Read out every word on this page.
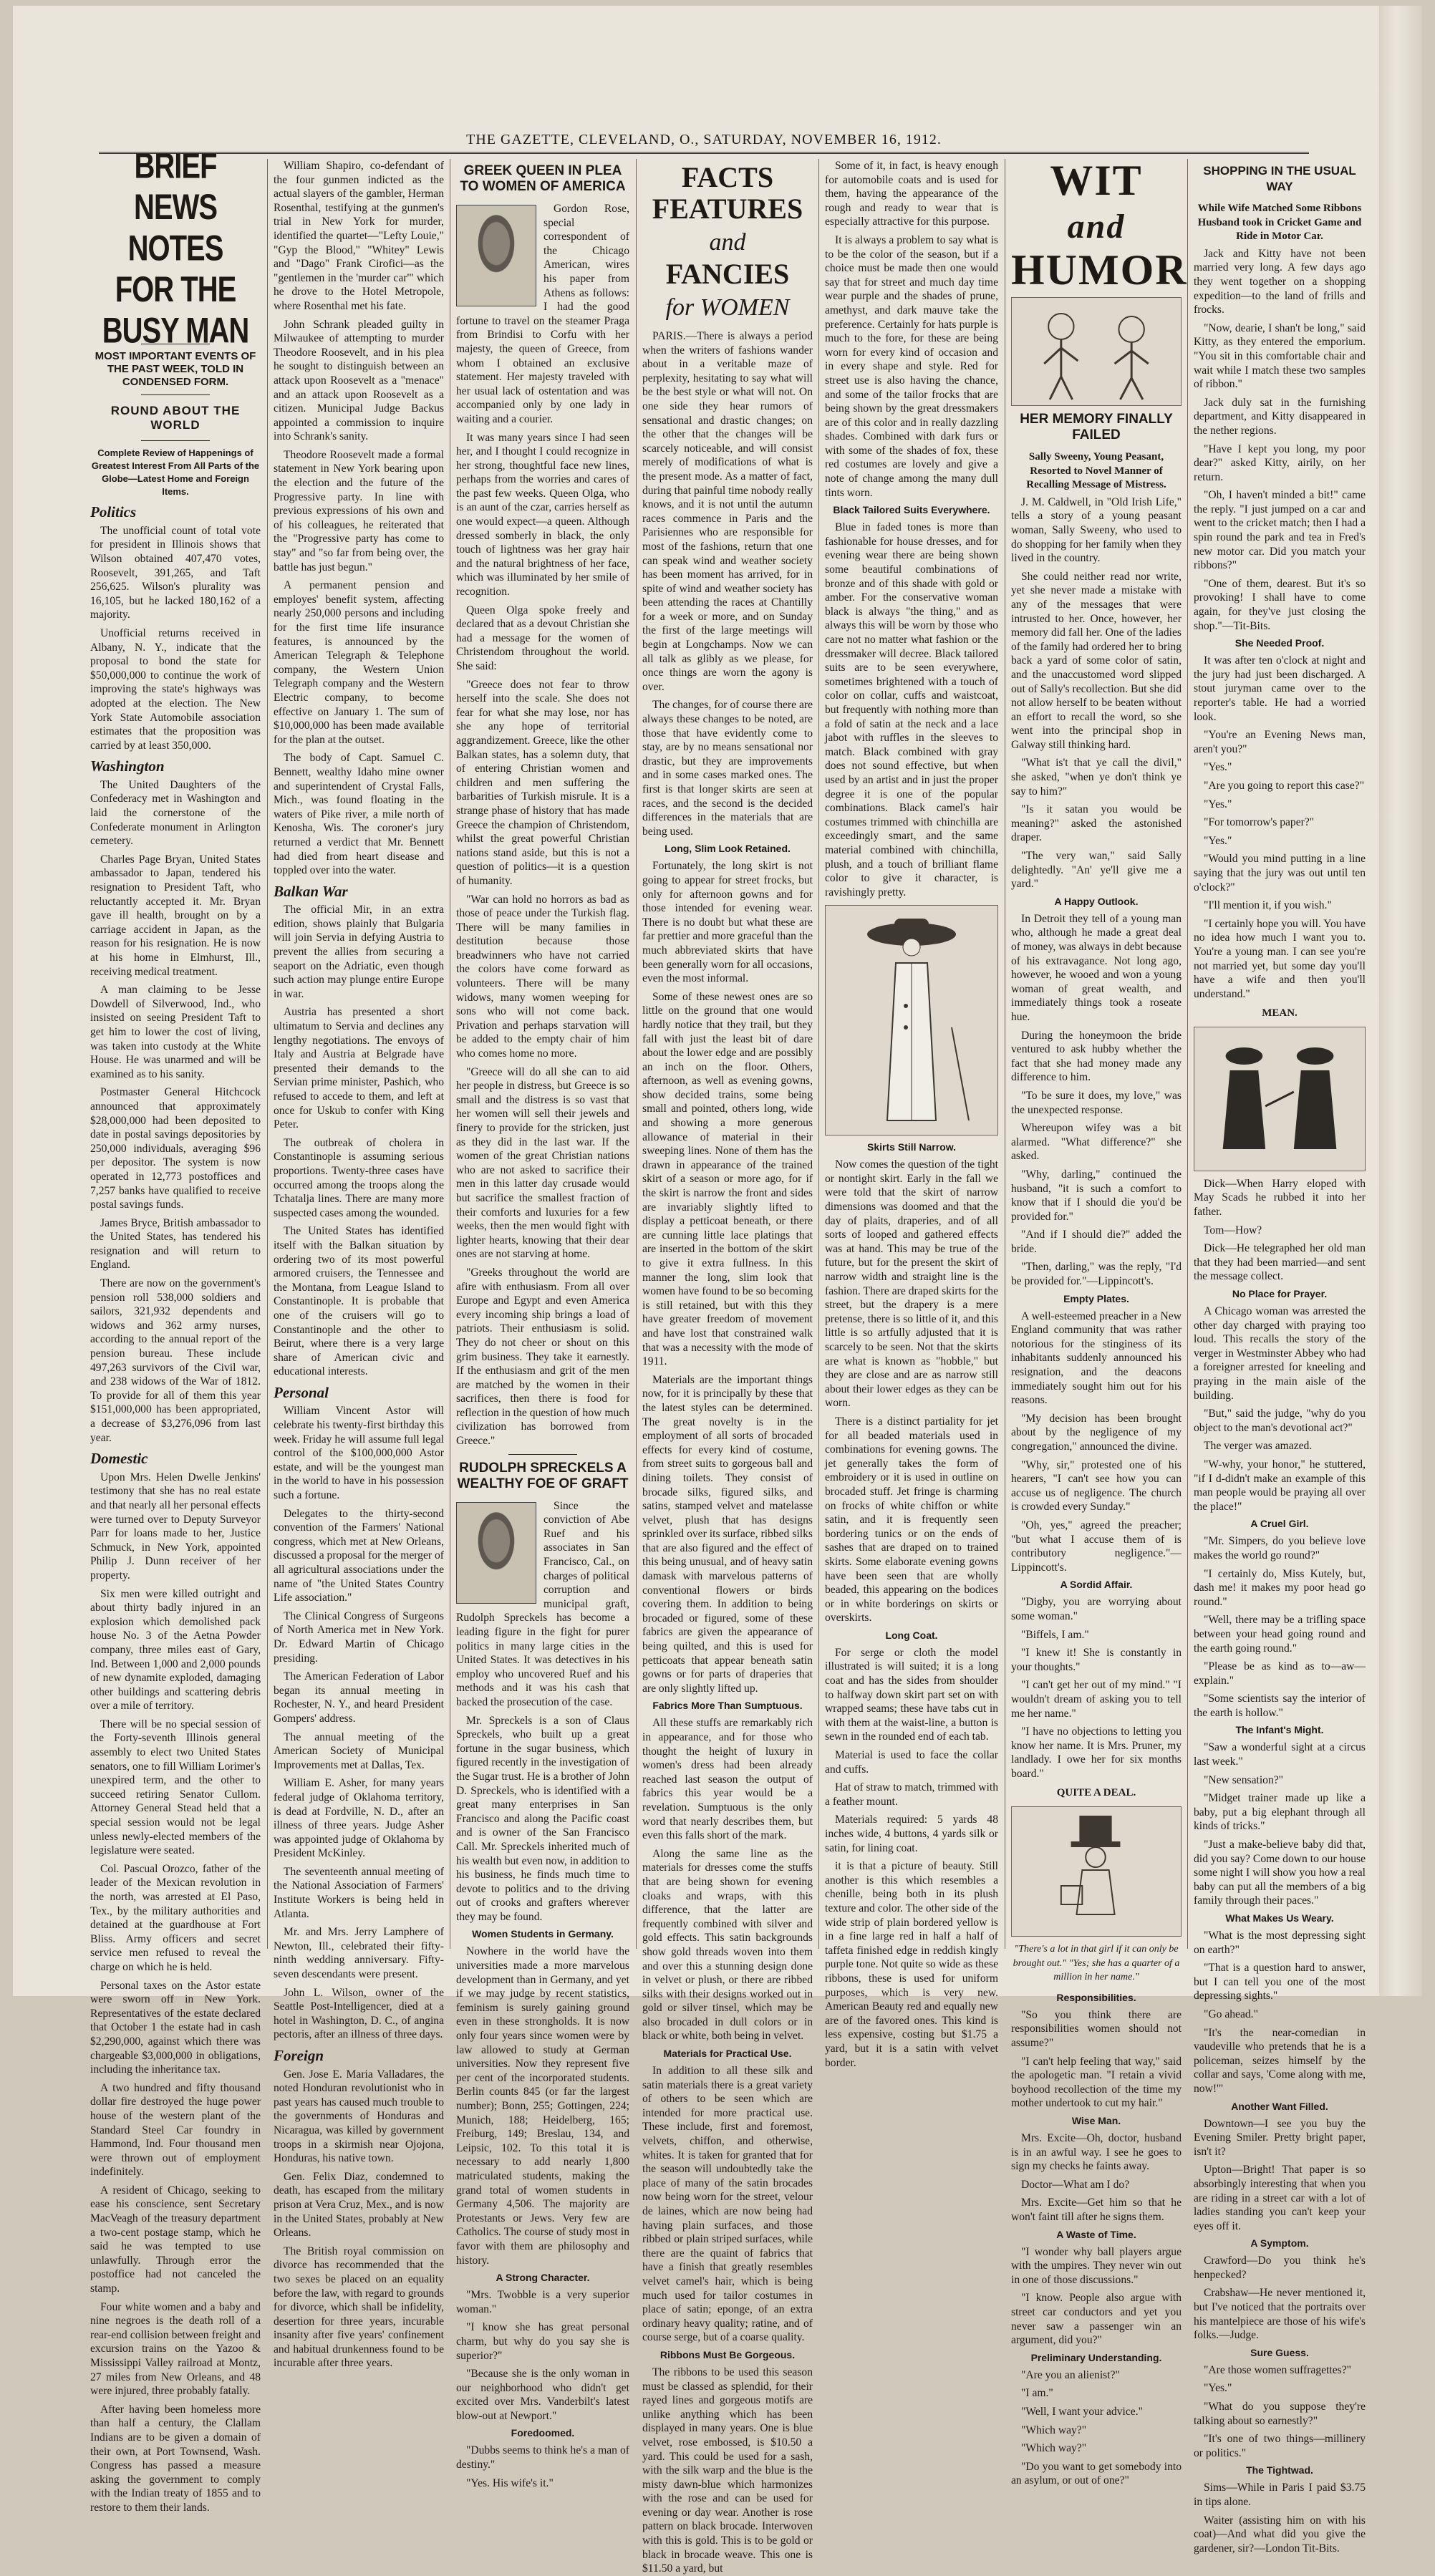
THE GAZETTE, CLEVELAND, O., SATURDAY, NOVEMBER 16, 1912.
BRIEF NEWS NOTES
FOR THE BUSY MAN
MOST IMPORTANT EVENTS OF THE PAST WEEK, TOLD IN CONDENSED FORM.
ROUND ABOUT THE WORLD
Complete Review of Happenings of Greatest Interest From All Parts of the Globe—Latest Home and Foreign Items.
Politics

The unofficial count of total vote for president in Illinois shows that Wilson obtained 407,470 votes, Roosevelt, 391,265, and Taft 256,625. Wilson's plurality was 16,105, but he lacked 180,162 of a majority.

Unofficial returns received in Albany, N. Y., indicate that the proposal to bond the state for $50,000,000 to continue the work of improving the state's highways was adopted at the election. The New York State Automobile association estimates that the proposition was carried by at least 350,000.

Washington

The United Daughters of the Confederacy met in Washington and laid the cornerstone of the Confederate monument in Arlington cemetery.

Charles Page Bryan, United States ambassador to Japan, tendered his resignation to President Taft, who reluctantly accepted it. Mr. Bryan gave ill health, brought on by a carriage accident in Japan, as the reason for his resignation. He is now at his home in Elmhurst, Ill., receiving medical treatment.

A man claiming to be Jesse Dowdell of Silverwood, Ind., who insisted on seeing President Taft to get him to lower the cost of living, was taken into custody at the White House. He was unarmed and will be examined as to his sanity.

Postmaster General Hitchcock announced that approximately $28,000,000 had been deposited to date in postal savings depositories by 250,000 individuals, averaging $96 per depositor. The system is now operated in 12,773 postoffices and 7,257 banks have qualified to receive postal savings funds.

James Bryce, British ambassador to the United States, has tendered his resignation and will return to England.

There are now on the government's pension roll 538,000 soldiers and sailors, 321,932 dependents and widows and 362 army nurses, according to the annual report of the pension bureau. These include 497,263 survivors of the Civil war, and 238 widows of the War of 1812. To provide for all of them this year $151,000,000 has been appropriated, a decrease of $3,276,096 from last year.

Domestic

Upon Mrs. Helen Dwelle Jenkins' testimony that she has no real estate and that nearly all her personal effects were turned over to Deputy Surveyor Parr for loans made to her, Justice Schmuck, in New York, appointed Philip J. Dunn receiver of her property.

Six men were killed outright and about thirty badly injured in an explosion which demolished pack house No. 3 of the Aetna Powder company, three miles east of Gary, Ind. Between 1,000 and 2,000 pounds of new dynamite exploded, damaging other buildings and scattering debris over a mile of territory.

There will be no special session of the Forty-seventh Illinois general assembly to elect two United States senators, one to fill William Lorimer's unexpired term, and the other to succeed retiring Senator Cullom. Attorney General Stead held that a special session would not be legal unless newly-elected members of the legislature were seated.

Col. Pascual Orozco, father of the leader of the Mexican revolution in the north, was arrested at El Paso, Tex., by the military authorities and detained at the guardhouse at Fort Bliss. Army officers and secret service men refused to reveal the charge on which he is held.

Personal taxes on the Astor estate were sworn off in New York. Representatives of the estate declared that October 1 the estate had in cash $2,290,000, against which there was chargeable $3,000,000 in obligations, including the inheritance tax.

A two hundred and fifty thousand dollar fire destroyed the huge power house of the western plant of the Standard Steel Car foundry in Hammond, Ind. Four thousand men were thrown out of employment indefinitely.

A resident of Chicago, seeking to ease his conscience, sent Secretary MacVeagh of the treasury department a two-cent postage stamp, which he said he was tempted to use unlawfully. Through error the postoffice had not canceled the stamp.

Four white women and a baby and nine negroes is the death roll of a rear-end collision between freight and excursion trains on the Yazoo & Mississippi Valley railroad at Montz, 27 miles from New Orleans, and 48 were injured, three probably fatally.

After having been homeless more than half a century, the Clallam Indians are to be given a domain of their own, at Port Townsend, Wash. Congress has passed a measure asking the government to comply with the Indian treaty of 1855 and to restore to them their lands.

William Shapiro, co-defendant of the four gunmen indicted as the actual slayers of the gambler, Herman Rosenthal, testifying at the gunmen's trial in New York for murder, identified the quartet—"Lefty Louie," "Gyp the Blood," "Whitey" Lewis and "Dago" Frank Cirofici—as the "gentlemen in the 'murder car'" which he drove to the Hotel Metropole, where Rosenthal met his fate.

John Schrank pleaded guilty in Milwaukee of attempting to murder Theodore Roosevelt, and in his plea he sought to distinguish between an attack upon Roosevelt as a "menace" and an attack upon Roosevelt as a citizen. Municipal Judge Backus appointed a commission to inquire into Schrank's sanity.

Theodore Roosevelt made a formal statement in New York bearing upon the election and the future of the Progressive party. In line with previous expressions of his own and of his colleagues, he reiterated that the "Progressive party has come to stay" and "so far from being over, the battle has just begun."

A permanent pension and employes' benefit system, affecting nearly 250,000 persons and including for the first time life insurance features, is announced by the American Telegraph & Telephone company, the Western Union Telegraph company and the Western Electric company, to become effective on January 1. The sum of $10,000,000 has been made available for the plan at the outset.

The body of Capt. Samuel C. Bennett, wealthy Idaho mine owner and superintendent of Crystal Falls, Mich., was found floating in the waters of Pike river, a mile north of Kenosha, Wis. The coroner's jury returned a verdict that Mr. Bennett had died from heart disease and toppled over into the water.

Balkan War

The official Mir, in an extra edition, shows plainly that Bulgaria will join Servia in defying Austria to prevent the allies from securing a seaport on the Adriatic, even though such action may plunge entire Europe in war.

Austria has presented a short ultimatum to Servia and declines any lengthy negotiations. The envoys of Italy and Austria at Belgrade have presented their demands to the Servian prime minister, Pashich, who refused to accede to them, and left at once for Uskub to confer with King Peter.

The outbreak of cholera in Constantinople is assuming serious proportions. Twenty-three cases have occurred among the troops along the Tchatalja lines. There are many more suspected cases among the wounded.

The United States has identified itself with the Balkan situation by ordering two of its most powerful armored cruisers, the Tennessee and the Montana, from League Island to Constantinople. It is probable that one of the cruisers will go to Constantinople and the other to Beirut, where there is a very large share of American civic and educational interests.

Personal

William Vincent Astor will celebrate his twenty-first birthday this week. Friday he will assume full legal control of the $100,000,000 Astor estate, and will be the youngest man in the world to have in his possession such a fortune.

Delegates to the thirty-second convention of the Farmers' National congress, which met at New Orleans, discussed a proposal for the merger of all agricultural associations under the name of "the United States Country Life association."

The Clinical Congress of Surgeons of North America met in New York. Dr. Edward Martin of Chicago presiding.

The American Federation of Labor began its annual meeting in Rochester, N. Y., and heard President Gompers' address.

The annual meeting of the American Society of Municipal Improvements met at Dallas, Tex.

William E. Asher, for many years federal judge of Oklahoma territory, is dead at Fordville, N. D., after an illness of three years. Judge Asher was appointed judge of Oklahoma by President McKinley.

The seventeenth annual meeting of the National Association of Farmers' Institute Workers is being held in Atlanta.

Mr. and Mrs. Jerry Lamphere of Newton, Ill., celebrated their fifty-ninth wedding anniversary. Fifty-seven descendants were present.

John L. Wilson, owner of the Seattle Post-Intelligencer, died at a hotel in Washington, D. C., of angina pectoris, after an illness of three days.

Foreign

Gen. Jose E. Maria Valladares, the noted Honduran revolutionist who in past years has caused much trouble to the governments of Honduras and Nicaragua, was killed by government troops in a skirmish near Ojojona, Honduras, his native town.

Gen. Felix Diaz, condemned to death, has escaped from the military prison at Vera Cruz, Mex., and is now in the United States, probably at New Orleans.

The British royal commission on divorce has recommended that the two sexes be placed on an equality before the law, with regard to grounds for divorce, which shall be infidelity, desertion for three years, incurable insanity after five years' confinement and habitual drunkenness found to be incurable after three years.

GREEK QUEEN IN PLEA TO WOMEN OF AMERICA

Gordon Rose, special correspondent of the Chicago American, wires his paper from Athens as follows: I had the good fortune to travel on the steamer Praga from Brindisi to Corfu with her majesty, the queen of Greece, from whom I obtained an exclusive statement. Her majesty traveled with her usual lack of ostentation and was accompanied only by one lady in waiting and a courier.

It was many years since I had seen her, and I thought I could recognize in her strong, thoughtful face new lines, perhaps from the worries and cares of the past few weeks. Queen Olga, who is an aunt of the czar, carries herself as one would expect—a queen. Although dressed somberly in black, the only touch of lightness was her gray hair and the natural brightness of her face, which was illuminated by her smile of recognition.

Queen Olga spoke freely and declared that as a devout Christian she had a message for the women of Christendom throughout the world. She said:

"Greece does not fear to throw herself into the scale. She does not fear for what she may lose, nor has she any hope of territorial aggrandizement. Greece, like the other Balkan states, has a solemn duty, that of entering Christian women and children and men suffering the barbarities of Turkish misrule. It is a strange phase of history that has made Greece the champion of Christendom, whilst the great powerful Christian nations stand aside, but this is not a question of politics—it is a question of humanity.

"War can hold no horrors as bad as those of peace under the Turkish flag. There will be many families in destitution because those breadwinners who have not carried the colors have come forward as volunteers. There will be many widows, many women weeping for sons who will not come back. Privation and perhaps starvation will be added to the empty chair of him who comes home no more.

"Greece will do all she can to aid her people in distress, but Greece is so small and the distress is so vast that her women will sell their jewels and finery to provide for the stricken, just as they did in the last war. If the women of the great Christian nations who are not asked to sacrifice their men in this latter day crusade would but sacrifice the smallest fraction of their comforts and luxuries for a few weeks, then the men would fight with lighter hearts, knowing that their dear ones are not starving at home.

"Greeks throughout the world are afire with enthusiasm. From all over Europe and Egypt and even America every incoming ship brings a load of patriots. Their enthusiasm is solid. They do not cheer or shout on this grim business. They take it earnestly. If the enthusiasm and grit of the men are matched by the women in their sacrifices, then there is food for reflection in the question of how much civilization has borrowed from Greece."

RUDOLPH SPRECKELS A WEALTHY FOE OF GRAFT

Since the conviction of Abe Ruef and his associates in San Francisco, Cal., on charges of political corruption and municipal graft, Rudolph Spreckels has become a leading figure in the fight for purer politics in many large cities in the United States. It was detectives in his employ who uncovered Ruef and his methods and it was his cash that backed the prosecution of the case.

Mr. Spreckels is a son of Claus Spreckels, who built up a great fortune in the sugar business, which figured recently in the investigation of the Sugar trust. He is a brother of John D. Spreckels, who is identified with a great many enterprises in San Francisco and along the Pacific coast and is owner of the San Francisco Call. Mr. Spreckels inherited much of his wealth but even now, in addition to his business, he finds much time to devote to politics and to the driving out of crooks and grafters wherever they may be found.

Women Students in Germany.

Nowhere in the world have the universities made a more marvelous development than in Germany, and yet if we may judge by recent statistics, feminism is surely gaining ground even in these strongholds. It is now only four years since women were by law allowed to study at German universities. Now they represent five per cent of the incorporated students. Berlin counts 845 (or far the largest number); Bonn, 255; Gottingen, 224; Munich, 188; Heidelberg, 165; Freiburg, 149; Breslau, 134, and Leipsic, 102. To this total it is necessary to add nearly 1,800 matriculated students, making the grand total of women students in Germany 4,506. The majority are Protestants or Jews. Very few are Catholics. The course of study most in favor with them are philosophy and history.

A Strong Character.

"Mrs. Twobble is a very superior woman."

"I know she has great personal charm, but why do you say she is superior?"

"Because she is the only woman in our neighborhood who didn't get excited over Mrs. Vanderbilt's latest blow-out at Newport."

Foredoomed.

"Dubbs seems to think he's a man of destiny."

"Yes. His wife's it."

FACTS
FEATURES
and
FANCIES
for WOMEN

PARIS.—There is always a period when the writers of fashions wander about in a veritable maze of perplexity, hesitating to say what will be the best style or what will not. On one side they hear rumors of sensational and drastic changes; on the other that the changes will be scarcely noticeable, and will consist merely of modifications of what is the present mode. As a matter of fact, during that painful time nobody really knows, and it is not until the autumn races commence in Paris and the Parisiennes who are responsible for most of the fashions, return that one can speak wind and weather society has been moment has arrived, for in spite of wind and weather society has been attending the races at Chantilly for a week or more, and on Sunday the first of the large meetings will begin at Longchamps. Now we can all talk as glibly as we please, for once things are worn the agony is over.

The changes, for of course there are always these changes to be noted, are those that have evidently come to stay, are by no means sensational nor drastic, but they are improvements and in some cases marked ones. The first is that longer skirts are seen at races, and the second is the decided differences in the materials that are being used.

Long, Slim Look Retained.

Fortunately, the long skirt is not going to appear for street frocks, but only for afternoon gowns and for those intended for evening wear. There is no doubt but what these are far prettier and more graceful than the much abbreviated skirts that have been generally worn for all occasions, even the most informal.

Some of these newest ones are so little on the ground that one would hardly notice that they trail, but they fall with just the least bit of dare about the lower edge and are possibly an inch on the floor. Others, afternoon, as well as evening gowns, show decided trains, some being small and pointed, others long, wide and showing a more generous allowance of material in their sweeping lines. None of them has the drawn in appearance of the trained skirt of a season or more ago, for if the skirt is narrow the front and sides are invariably slightly lifted to display a petticoat beneath, or there are cunning little lace platings that are inserted in the bottom of the skirt to give it extra fullness. In this manner the long, slim look that women have found to be so becoming is still retained, but with this they have greater freedom of movement and have lost that constrained walk that was a necessity with the mode of 1911.

Materials are the important things now, for it is principally by these that the latest styles can be determined. The great novelty is in the employment of all sorts of brocaded effects for every kind of costume, from street suits to gorgeous ball and dining toilets. They consist of brocade silks, figured silks, and satins, stamped velvet and matelasse velvet, plush that has designs sprinkled over its surface, ribbed silks that are also figured and the effect of this being unusual, and of heavy satin damask with marvelous patterns of conventional flowers or birds covering them. In addition to being brocaded or figured, some of these fabrics are given the appearance of being quilted, and this is used for petticoats that appear beneath satin gowns or for parts of draperies that are only slightly lifted up.

Fabrics More Than Sumptuous.

All these stuffs are remarkably rich in appearance, and for those who thought the height of luxury in women's dress had been already reached last season the output of fabrics this year would be a revelation. Sumptuous is the only word that nearly describes them, but even this falls short of the mark.

Along the same line as the materials for dresses come the stuffs that are being shown for evening cloaks and wraps, with this difference, that the latter are frequently combined with silver and gold effects. This satin backgrounds show gold threads woven into them and over this a stunning design done in velvet or plush, or there are ribbed silks with their designs worked out in gold or silver tinsel, which may be also brocaded in dull colors or in black or white, both being in velvet.

Materials for Practical Use.

In addition to all these silk and satin materials there is a great variety of others to be seen which are intended for more practical use. These include, first and foremost, velvets, chiffon, and otherwise, whites. It is taken for granted that for the season will undoubtedly take the place of many of the satin brocades now being worn for the street, velour de laines, which are now being had having plain surfaces, and those ribbed or plain striped surfaces, while there are the quaint of fabrics that have a finish that greatly resembles velvet camel's hair, which is being much used for tailor costumes in place of satin; eponge, of an extra ordinary heavy quality; ratine, and of course serge, but of a coarse quality.

Ribbons Must Be Gorgeous.

The ribbons to be used this season must be classed as splendid, for their rayed lines and gorgeous motifs are unlike anything which has been displayed in many years. One is blue velvet, rose embossed, is $10.50 a yard. This could be used for a sash, with the silk warp and the blue is the misty dawn-blue which harmonizes with the rose and can be used for evening or day wear. Another is rose pattern on black brocade. Interwoven with this is gold. This is to be gold or black in brocade weave. This one is $11.50 a yard, but

Some of it, in fact, is heavy enough for automobile coats and is used for them, having the appearance of the rough and ready to wear that is especially attractive for this purpose.

It is always a problem to say what is to be the color of the season, but if a choice must be made then one would say that for street and much day time wear purple and the shades of prune, amethyst, and dark mauve take the preference. Certainly for hats purple is much to the fore, for these are being worn for every kind of occasion and in every shape and style. Red for street use is also having the chance, and some of the tailor frocks that are being shown by the great dressmakers are of this color and in really dazzling shades. Combined with dark furs or with some of the shades of fox, these red costumes are lovely and give a note of change among the many dull tints worn.

Black Tailored Suits Everywhere.

Blue in faded tones is more than fashionable for house dresses, and for evening wear there are being shown some beautiful combinations of bronze and of this shade with gold or amber. For the conservative woman black is always "the thing," and as always this will be worn by those who care not no matter what fashion or the dressmaker will decree. Black tailored suits are to be seen everywhere, sometimes brightened with a touch of color on collar, cuffs and waistcoat, but frequently with nothing more than a fold of satin at the neck and a lace jabot with ruffles in the sleeves to match. Black combined with gray does not sound effective, but when used by an artist and in just the proper degree it is one of the popular combinations. Black camel's hair costumes trimmed with chinchilla are exceedingly smart, and the same material combined with chinchilla, plush, and a touch of brilliant flame color to give it character, is ravishingly pretty.

Skirts Still Narrow.

Now comes the question of the tight or nontight skirt. Early in the fall we were told that the skirt of narrow dimensions was doomed and that the day of plaits, draperies, and of all sorts of looped and gathered effects was at hand. This may be true of the future, but for the present the skirt of narrow width and straight line is the fashion. There are draped skirts for the street, but the drapery is a mere pretense, there is so little of it, and this little is so artfully adjusted that it is scarcely to be seen. Not that the skirts are what is known as "hobble," but they are close and are as narrow still about their lower edges as they can be worn.

There is a distinct partiality for jet for all beaded materials used in combinations for evening gowns. The jet generally takes the form of embroidery or it is used in outline on brocaded stuff. Jet fringe is charming on frocks of white chiffon or white satin, and it is frequently seen bordering tunics or on the ends of sashes that are draped on to trained skirts. Some elaborate evening gowns have been seen that are wholly beaded, this appearing on the bodices or in white borderings on skirts or overskirts.

Long Coat.

For serge or cloth the model illustrated is will suited; it is a long coat and has the sides from shoulder to halfway down skirt part set on with wrapped seams; these have tabs cut in with them at the waist-line, a button is sewn in the rounded end of each tab.

Material is used to face the collar and cuffs.

Hat of straw to match, trimmed with a feather mount.

Materials required: 5 yards 48 inches wide, 4 buttons, 4 yards silk or satin, for lining coat.

it is that a picture of beauty. Still another is this which resembles a chenille, being both in its plush texture and color. The other side of the wide strip of plain bordered yellow is in a fine large red in half a half of taffeta finished edge in reddish kingly purple tone. Not quite so wide as these ribbons, these is used for uniform purposes, which is very new. American Beauty red and equally new are of the favored ones. This kind is less expensive, costing but $1.75 a yard, but it is a satin with velvet border.

WIT
and
HUMOR
HER MEMORY FINALLY FAILED
Sally Sweeny, Young Peasant, Resorted to Novel Manner of Recalling Message of Mistress.

J. M. Caldwell, in "Old Irish Life," tells a story of a young peasant woman, Sally Sweeny, who used to do shopping for her family when they lived in the country.

She could neither read nor write, yet she never made a mistake with any of the messages that were intrusted to her. Once, however, her memory did fall her. One of the ladies of the family had ordered her to bring back a yard of some color of satin, and the unaccustomed word slipped out of Sally's recollection. But she did not allow herself to be beaten without an effort to recall the word, so she went into the principal shop in Galway still thinking hard.

"What is't that ye call the divil," she asked, "when ye don't think ye say to him?"

"Is it satan you would be meaning?" asked the astonished draper.

"The very wan," said Sally delightedly. "An' ye'll give me a yard."

A Happy Outlook.

In Detroit they tell of a young man who, although he made a great deal of money, was always in debt because of his extravagance. Not long ago, however, he wooed and won a young woman of great wealth, and immediately things took a roseate hue.

During the honeymoon the bride ventured to ask hubby whether the fact that she had money made any difference to him.

"To be sure it does, my love," was the unexpected response.

Whereupon wifey was a bit alarmed. "What difference?" she asked.

"Why, darling," continued the husband, "it is such a comfort to know that if I should die you'd be provided for."

"And if I should die?" added the bride.

"Then, darling," was the reply, "I'd be provided for."—Lippincott's.

Empty Plates.

A well-esteemed preacher in a New England community that was rather notorious for the stinginess of its inhabitants suddenly announced his resignation, and the deacons immediately sought him out for his reasons.

"My decision has been brought about by the negligence of my congregation," announced the divine.

"Why, sir," protested one of his hearers, "I can't see how you can accuse us of negligence. The church is crowded every Sunday."

"Oh, yes," agreed the preacher; "but what I accuse them of is contributory negligence."—Lippincott's.

A Sordid Affair.

"Digby, you are worrying about some woman."

"Biffels, I am."

"I knew it! She is constantly in your thoughts."

"I can't get her out of my mind." "I wouldn't dream of asking you to tell me her name."

"I have no objections to letting you know her name. It is Mrs. Pruner, my landlady. I owe her for six months board."

QUITE A DEAL.
"There's a lot in that girl if it can only be brought out." "Yes; she has a quarter of a million in her name."
Responsibilities.

"So you think there are responsibilities women should not assume?"

"I can't help feeling that way," said the apologetic man. "I retain a vivid boyhood recollection of the time my mother undertook to cut my hair."

Wise Man.

Mrs. Excite—Oh, doctor, husband is in an awful way. I see he goes to sign my checks he faints away.

Doctor—What am I do?

Mrs. Excite—Get him so that he won't faint till after he signs them.

A Waste of Time.

"I wonder why ball players argue with the umpires. They never win out in one of those discussions."

"I know. People also argue with street car conductors and yet you never saw a passenger win an argument, did you?"

Preliminary Understanding.

"Are you an alienist?"

"I am."

"Well, I want your advice."

"Which way?"

"Which way?"

"Do you want to get somebody into an asylum, or out of one?"

SHOPPING IN THE USUAL WAY
While Wife Matched Some Ribbons Husband took in Cricket Game and Ride in Motor Car.

Jack and Kitty have not been married very long. A few days ago they went together on a shopping expedition—to the land of frills and frocks.

"Now, dearie, I shan't be long," said Kitty, as they entered the emporium. "You sit in this comfortable chair and wait while I match these two samples of ribbon."

Jack duly sat in the furnishing department, and Kitty disappeared in the nether regions.

"Have I kept you long, my poor dear?" asked Kitty, airily, on her return.

"Oh, I haven't minded a bit!" came the reply. "I just jumped on a car and went to the cricket match; then I had a spin round the park and tea in Fred's new motor car. Did you match your ribbons?"

"One of them, dearest. But it's so provoking! I shall have to come again, for they've just closing the shop."—Tit-Bits.

She Needed Proof.

It was after ten o'clock at night and the jury had just been discharged. A stout juryman came over to the reporter's table. He had a worried look.

"You're an Evening News man, aren't you?"

"Yes."

"Are you going to report this case?"

"Yes."

"For tomorrow's paper?"

"Yes."

"Would you mind putting in a line saying that the jury was out until ten o'clock?"

"I'll mention it, if you wish."

"I certainly hope you will. You have no idea how much I want you to. You're a young man. I can see you're not married yet, but some day you'll have a wife and then you'll understand."

MEAN.

Dick—When Harry eloped with May Scads he rubbed it into her father.

Tom—How?

Dick—He telegraphed her old man that they had been married—and sent the message collect.

No Place for Prayer.

A Chicago woman was arrested the other day charged with praying too loud. This recalls the story of the verger in Westminster Abbey who had a foreigner arrested for kneeling and praying in the main aisle of the building.

"But," said the judge, "why do you object to the man's devotional act?"

The verger was amazed.

"W-why, your honor," he stuttered, "if I d-didn't make an example of this man people would be praying all over the place!"

A Cruel Girl.

"Mr. Simpers, do you believe love makes the world go round?"

"I certainly do, Miss Kutely, but, dash me! it makes my poor head go round."

"Well, there may be a trifling space between your head going round and the earth going round."

"Please be as kind as to—aw—explain."

"Some scientists say the interior of the earth is hollow."

The Infant's Might.

"Saw a wonderful sight at a circus last week."

"New sensation?"

"Midget trainer made up like a baby, put a big elephant through all kinds of tricks."

"Just a make-believe baby did that, did you say? Come down to our house some night I will show you how a real baby can put all the members of a big family through their paces."

What Makes Us Weary.

"What is the most depressing sight on earth?"

"That is a question hard to answer, but I can tell you one of the most depressing sights."

"Go ahead."

"It's the near-comedian in vaudeville who pretends that he is a policeman, seizes himself by the collar and says, 'Come along with me, now!'"

Another Want Filled.

Downtown—I see you buy the Evening Smiler. Pretty bright paper, isn't it?

Upton—Bright! That paper is so absorbingly interesting that when you are riding in a street car with a lot of ladies standing you can't keep your eyes off it.

A Symptom.

Crawford—Do you think he's henpecked?

Crabshaw—He never mentioned it, but I've noticed that the portraits over his mantelpiece are those of his wife's folks.—Judge.

Sure Guess.

"Are those women suffragettes?"

"Yes."

"What do you suppose they're talking about so earnestly?"

"It's one of two things—millinery or politics."

The Tightwad.

Sims—While in Paris I paid $3.75 in tips alone.

Waiter (assisting him on with his coat)—And what did you give the gardener, sir?—London Tit-Bits.
